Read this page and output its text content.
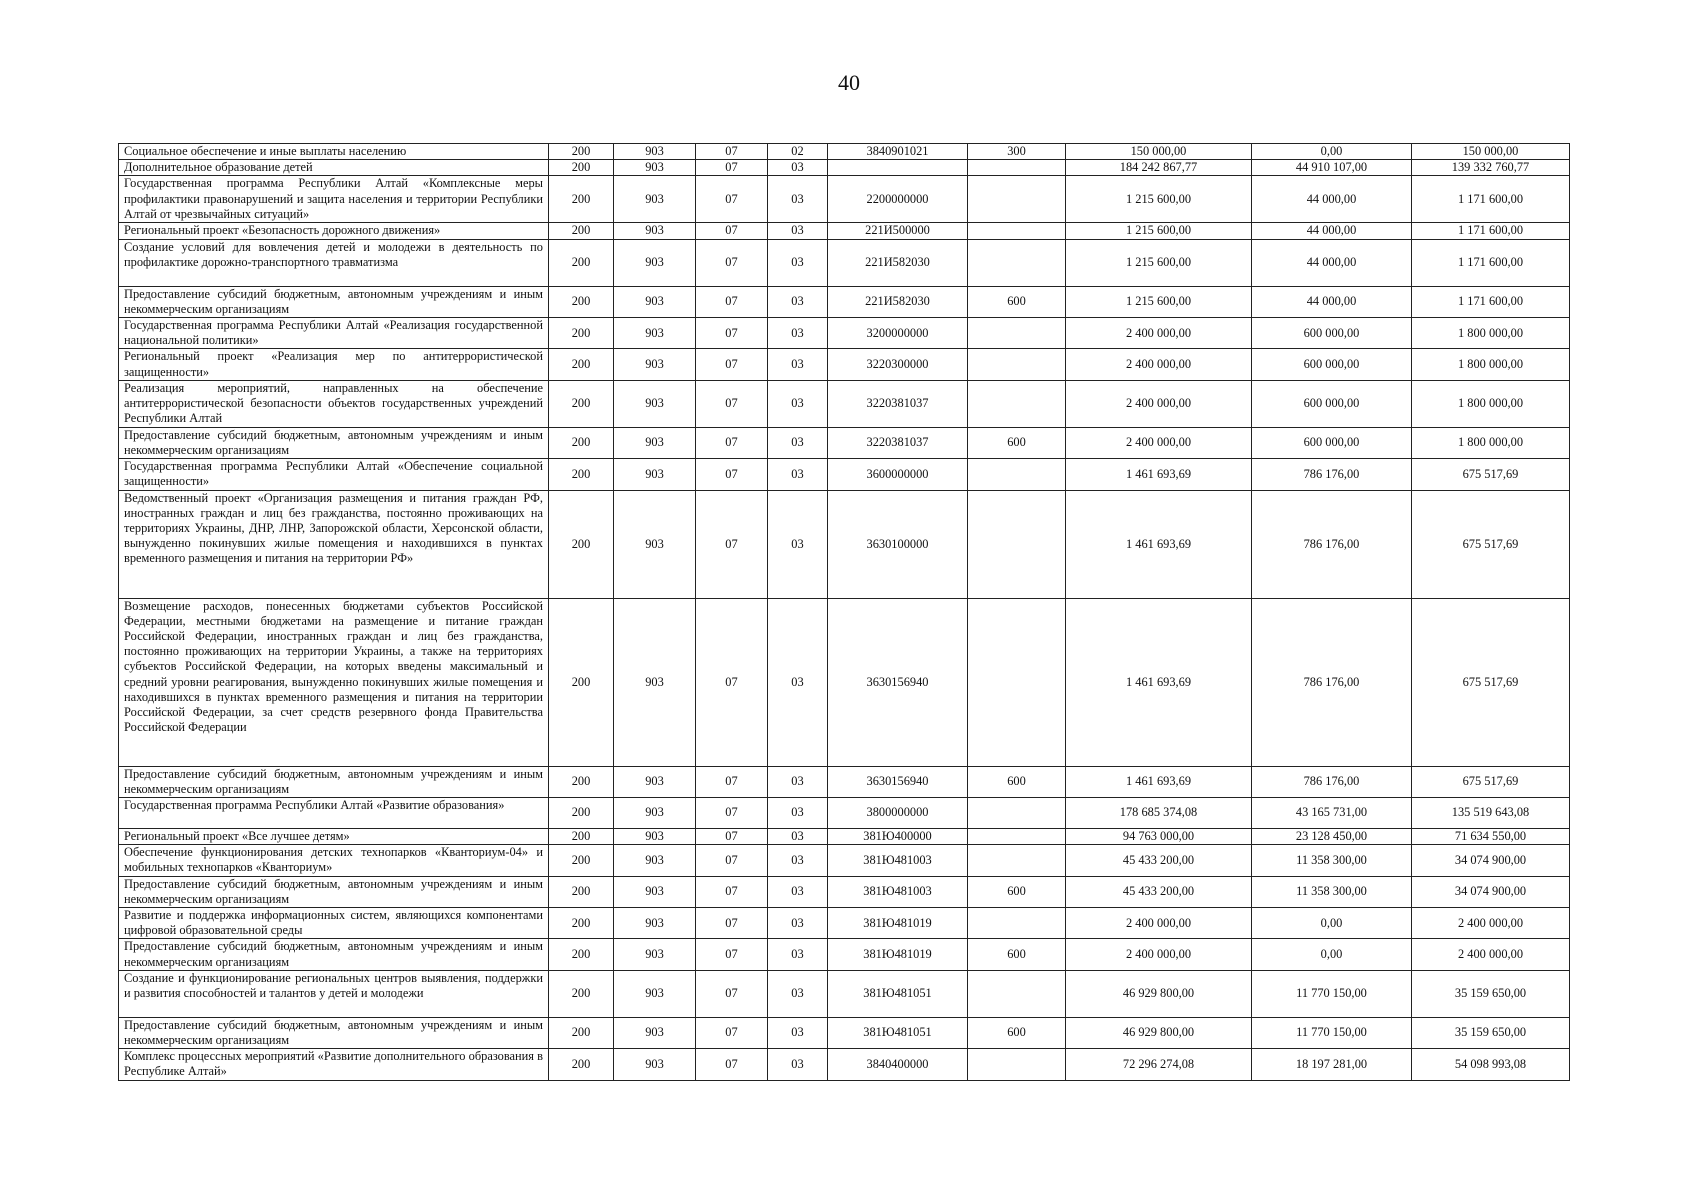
40
Социальное обеспечение и иные выплаты населению	200	903	07	02	3840901021	300	150 000,00	0,00	150 000,00
Дополнительное образование детей	200	903	07	03			184 242 867,77	44 910 107,00	139 332 760,77
Государственная программа Республики Алтай «Комплексные меры профилактики правонарушений и защита населения и территории Республики Алтай от чрезвычайных ситуаций»	200	903	07	03	2200000000		1 215 600,00	44 000,00	1 171 600,00
Региональный проект «Безопасность дорожного движения»	200	903	07	03	221И500000		1 215 600,00	44 000,00	1 171 600,00
Создание условий для вовлечения детей и молодежи в деятельность по профилактике дорожно-транспортного травматизма	200	903	07	03	221И582030		1 215 600,00	44 000,00	1 171 600,00
Предоставление субсидий бюджетным, автономным учреждениям и иным некоммерческим организациям	200	903	07	03	221И582030	600	1 215 600,00	44 000,00	1 171 600,00
Государственная программа Республики Алтай «Реализация государственной национальной политики»	200	903	07	03	3200000000		2 400 000,00	600 000,00	1 800 000,00
Региональный проект «Реализация мер по антитеррористической защищенности»	200	903	07	03	3220300000		2 400 000,00	600 000,00	1 800 000,00
Реализация мероприятий, направленных на обеспечение антитеррористической безопасности объектов государственных учреждений Республики Алтай	200	903	07	03	3220381037		2 400 000,00	600 000,00	1 800 000,00
Предоставление субсидий бюджетным, автономным учреждениям и иным некоммерческим организациям	200	903	07	03	3220381037	600	2 400 000,00	600 000,00	1 800 000,00
Государственная программа Республики Алтай «Обеспечение социальной защищенности»	200	903	07	03	3600000000		1 461 693,69	786 176,00	675 517,69
Ведомственный проект «Организация размещения и питания граждан РФ, иностранных граждан и лиц без гражданства, постоянно проживающих на территориях Украины, ДНР, ЛНР, Запорожской области, Херсонской области, вынужденно покинувших жилые помещения и находившихся в пунктах временного размещения и питания на территории РФ»	200	903	07	03	3630100000		1 461 693,69	786 176,00	675 517,69
Возмещение расходов, понесенных бюджетами субъектов Российской Федерации, местными бюджетами на размещение и питание граждан Российской Федерации, иностранных граждан и лиц без гражданства, постоянно проживающих на территории Украины, а также на территориях субъектов Российской Федерации, на которых введены максимальный и средний уровни реагирования, вынужденно покинувших жилые помещения и находившихся в пунктах временного размещения и питания на территории Российской Федерации, за счет средств резервного фонда Правительства Российской Федерации	200	903	07	03	3630156940		1 461 693,69	786 176,00	675 517,69
Предоставление субсидий бюджетным, автономным учреждениям и иным некоммерческим организациям	200	903	07	03	3630156940	600	1 461 693,69	786 176,00	675 517,69
Государственная программа Республики Алтай «Развитие образования»	200	903	07	03	3800000000		178 685 374,08	43 165 731,00	135 519 643,08
Региональный проект «Все лучшее детям»	200	903	07	03	381Ю400000		94 763 000,00	23 128 450,00	71 634 550,00
Обеспечение функционирования детских технопарков «Кванториум-04» и мобильных технопарков «Кванториум»	200	903	07	03	381Ю481003		45 433 200,00	11 358 300,00	34 074 900,00
Предоставление субсидий бюджетным, автономным учреждениям и иным некоммерческим организациям	200	903	07	03	381Ю481003	600	45 433 200,00	11 358 300,00	34 074 900,00
Развитие и поддержка информационных систем, являющихся компонентами цифровой образовательной среды	200	903	07	03	381Ю481019		2 400 000,00	0,00	2 400 000,00
Предоставление субсидий бюджетным, автономным учреждениям и иным некоммерческим организациям	200	903	07	03	381Ю481019	600	2 400 000,00	0,00	2 400 000,00
Создание и функционирование региональных центров выявления, поддержки и развития способностей и талантов у детей и молодежи	200	903	07	03	381Ю481051		46 929 800,00	11 770 150,00	35 159 650,00
Предоставление субсидий бюджетным, автономным учреждениям и иным некоммерческим организациям	200	903	07	03	381Ю481051	600	46 929 800,00	11 770 150,00	35 159 650,00
Комплекс процессных мероприятий «Развитие дополнительного образования в Республике Алтай»	200	903	07	03	3840400000		72 296 274,08	18 197 281,00	54 098 993,08
